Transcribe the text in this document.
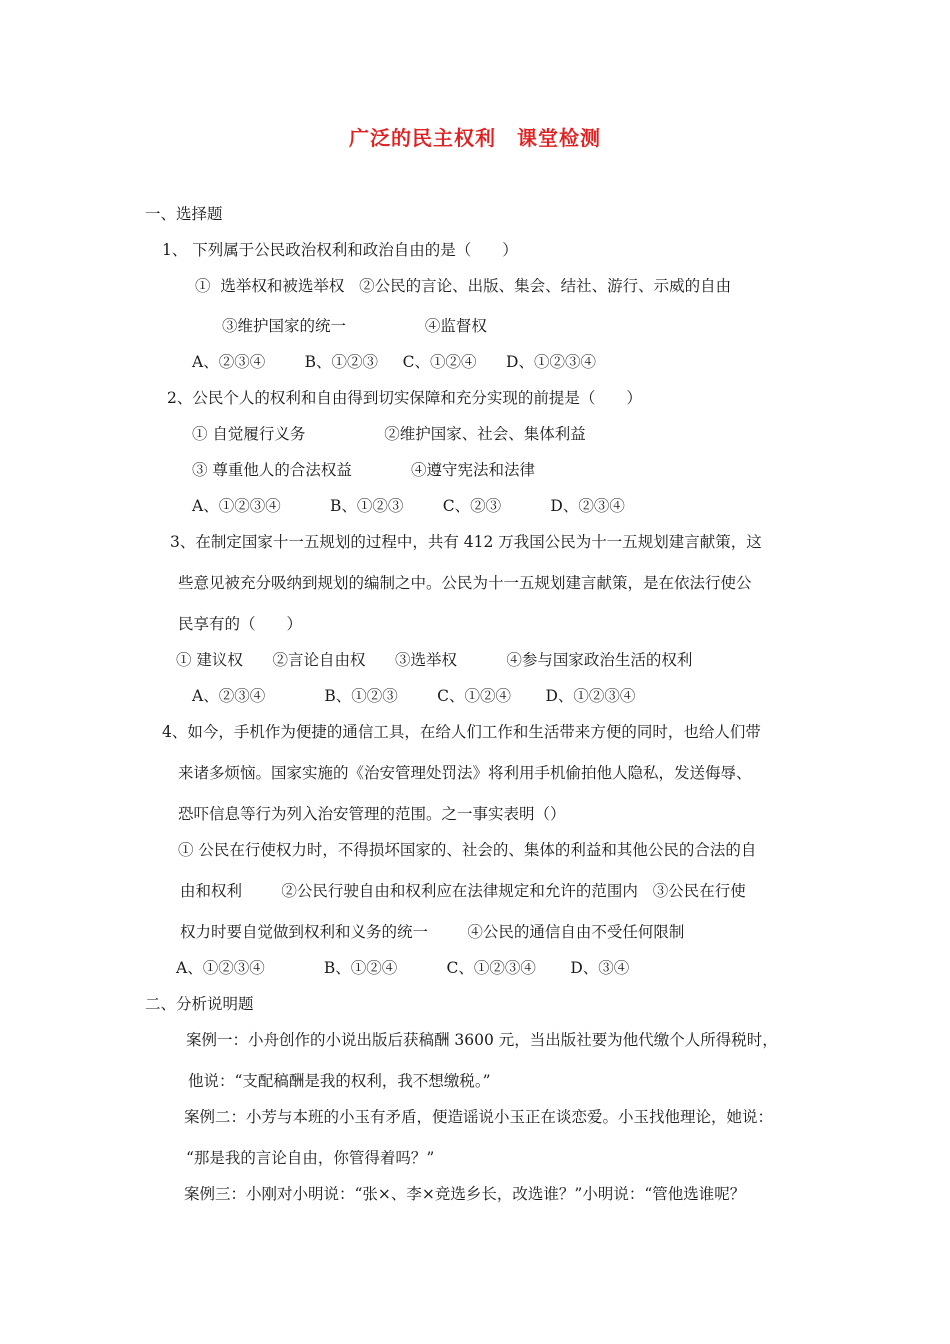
广泛的民主权利　课堂检测
一、选择题
1、 下列属于公民政治权利和政治自由的是（　　）
①  选举权和被选举权   ②公民的言论、出版、集会、结社、游行、示威的自由
③维护国家的统一                ④监督权
A、②③④        B、①②③     C、①②④      D、①②③④
2、公民个人的权利和自由得到切实保障和充分实现的前提是（　　）
① 自觉履行义务                ②维护国家、社会、集体利益
③ 尊重他人的合法权益            ④遵守宪法和法律
A、①②③④          B、①②③        C、②③          D、②③④
3、在制定国家十一五规划的过程中，共有 412 万我国公民为十一五规划建言献策，这
些意见被充分吸纳到规划的编制之中。公民为十一五规划建言献策，是在依法行使公
民享有的（　　）
① 建议权      ②言论自由权      ③选举权          ④参与国家政治生活的权利
A、②③④            B、①②③        C、①②④       D、①②③④
4、如今，手机作为便捷的通信工具，在给人们工作和生活带来方便的同时，也给人们带
来诸多烦恼。国家实施的《治安管理处罚法》将利用手机偷拍他人隐私，发送侮辱、
恐吓信息等行为列入治安管理的范围。之一事实表明（）
① 公民在行使权力时，不得损坏国家的、社会的、集体的利益和其他公民的合法的自
由和权利        ②公民行驶自由和权利应在法律规定和允许的范围内   ③公民在行使
权力时要自觉做到权利和义务的统一        ④公民的通信自由不受任何限制
A、①②③④            B、①②④          C、①②③④       D、③④
二、分析说明题
案例一：小舟创作的小说出版后获稿酬 3600 元，当出版社要为他代缴个人所得税时，
他说：“支配稿酬是我的权利，我不想缴税。”
案例二：小芳与本班的小玉有矛盾，便造谣说小玉正在谈恋爱。小玉找他理论，她说：
“那是我的言论自由，你管得着吗？”
案例三：小刚对小明说：“张×、李×竞选乡长，改选谁？”小明说：“管他选谁呢？
